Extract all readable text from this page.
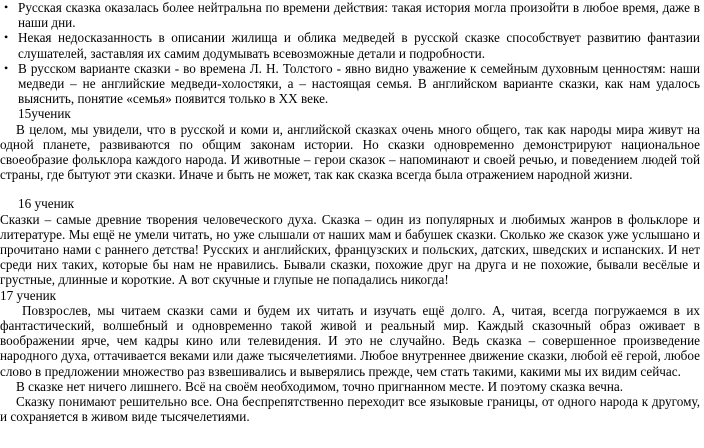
• Русская сказка оказалась более нейтральна по времени действия: такая история могла произойти в любое время, даже в наши дни.
• Некая недосказанность в описании жилища и облика медведей в русской сказке способствует развитию фантазии слушателей, заставляя их самим додумывать всевозможные детали и подробности.
• В русском варианте сказки - во времена Л. Н. Толстого - явно видно уважение к семейным духовным ценностям: наши медведи – не английские медведи-холостяки, а – настоящая семья. В английском варианте сказки, как нам удалось выяснить, понятие «семья» появится только в XX веке.

15ученик

В целом, мы увидели, что в русской и коми и, английской сказках очень много общего, так как народы мира живут на одной планете, развиваются по общим законам истории. Но сказки одновременно демонстрируют национальное своеобразие фольклора каждого народа. И животные – герои сказок – напоминают и своей речью, и поведением людей той страны, где бытуют эти сказки. Иначе и быть не может, так как сказка всегда была отражением народной жизни.

16 ученик

Сказки – самые древние творения человеческого духа. Сказка – один из популярных и любимых жанров в фольклоре и литературе. Мы ещё не умели читать, но уже слышали от наших мам и бабушек сказки. Сколько же сказок уже услышано и прочитано нами с раннего детства! Русских и английских, французских и польских, датских, шведских и испанских. И нет среди них таких, которые бы нам не нравились. Бывали сказки, похожие друг на друга и не похожие, бывали весёлые и грустные, длинные и короткие. А вот скучные и глупые не попадались никогда!

17 ученик

Повзрослев, мы читаем сказки сами и будем их читать и изучать ещё долго. А, читая, всегда погружаемся в их фантастический, волшебный и одновременно такой живой и реальный мир. Каждый сказочный образ оживает в воображении ярче, чем кадры кино или телевидения. И это не случайно. Ведь сказка – совершенное произведение народного духа, оттачивается веками или даже тысячелетиями. Любое внутреннее движение сказки, любой её герой, любое слово в предложении множество раз взвешивались и выверялись прежде, чем стать такими, какими мы их видим сейчас.

В сказке нет ничего лишнего. Всё на своём необходимом, точно пригнанном месте. И поэтому сказка вечна.

Сказку понимают решительно все. Она беспрепятственно переходит все языковые границы, от одного народа к другому, и сохраняется в живом виде тысячелетиями.
